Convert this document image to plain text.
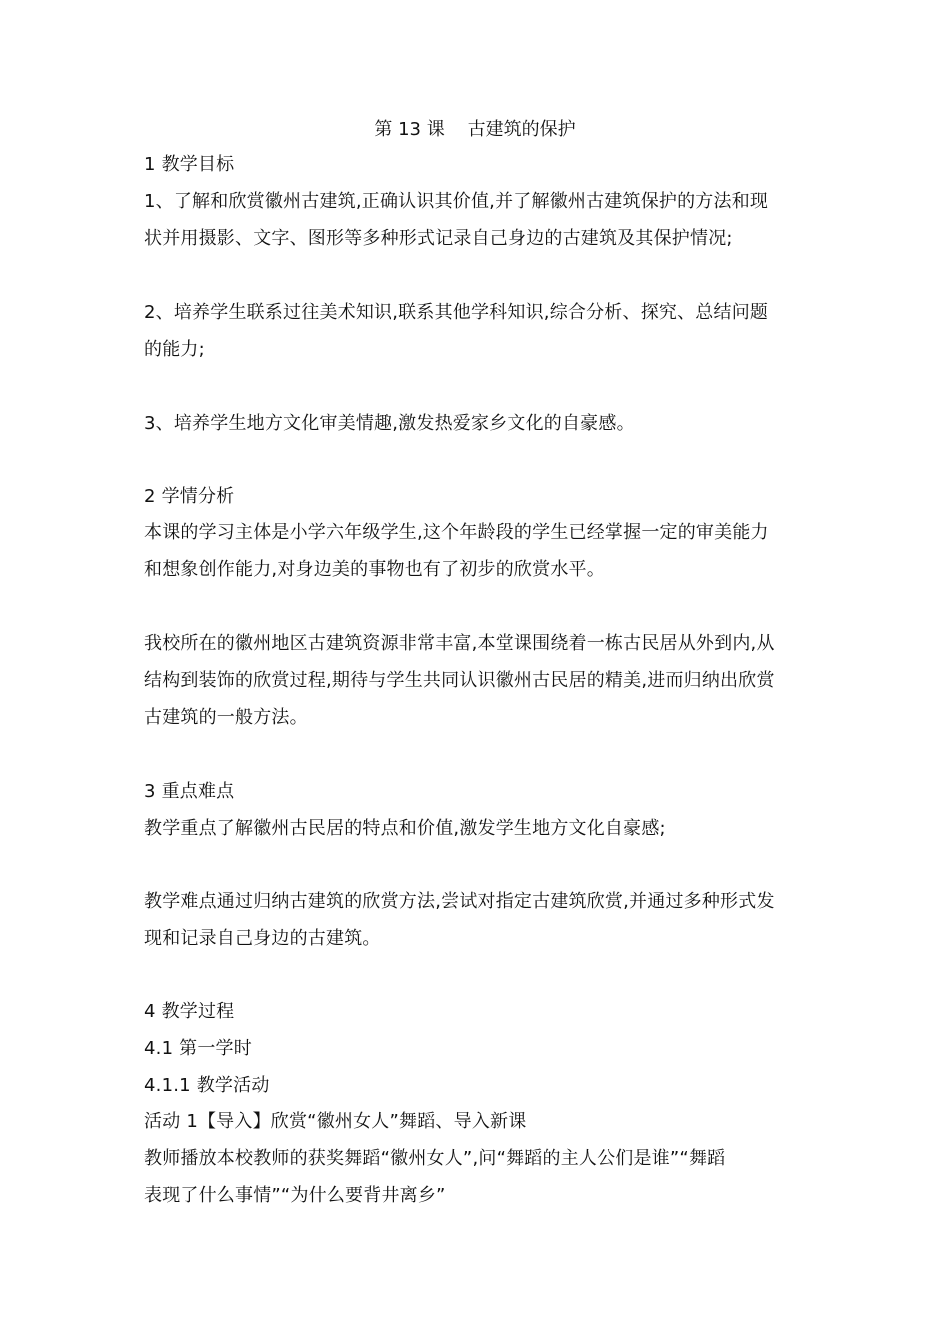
第 13 课    古建筑的保护
1 教学目标
1、了解和欣赏徽州古建筑,正确认识其价值,并了解徽州古建筑保护的方法和现
状并用摄影、文字、图形等多种形式记录自己身边的古建筑及其保护情况;
2、培养学生联系过往美术知识,联系其他学科知识,综合分析、探究、总结问题
的能力;
3、培养学生地方文化审美情趣,激发热爱家乡文化的自豪感。
2 学情分析
本课的学习主体是小学六年级学生,这个年龄段的学生已经掌握一定的审美能力
和想象创作能力,对身边美的事物也有了初步的欣赏水平。
我校所在的徽州地区古建筑资源非常丰富,本堂课围绕着一栋古民居从外到内,从
结构到装饰的欣赏过程,期待与学生共同认识徽州古民居的精美,进而归纳出欣赏
古建筑的一般方法。
3 重点难点
教学重点了解徽州古民居的特点和价值,激发学生地方文化自豪感;
教学难点通过归纳古建筑的欣赏方法,尝试对指定古建筑欣赏,并通过多种形式发
现和记录自己身边的古建筑。
4 教学过程
4.1 第一学时
4.1.1 教学活动
活动 1【导入】欣赏“徽州女人”舞蹈、导入新课
教师播放本校教师的获奖舞蹈“徽州女人”,问“舞蹈的主人公们是谁”“舞蹈
表现了什么事情”“为什么要背井离乡”
